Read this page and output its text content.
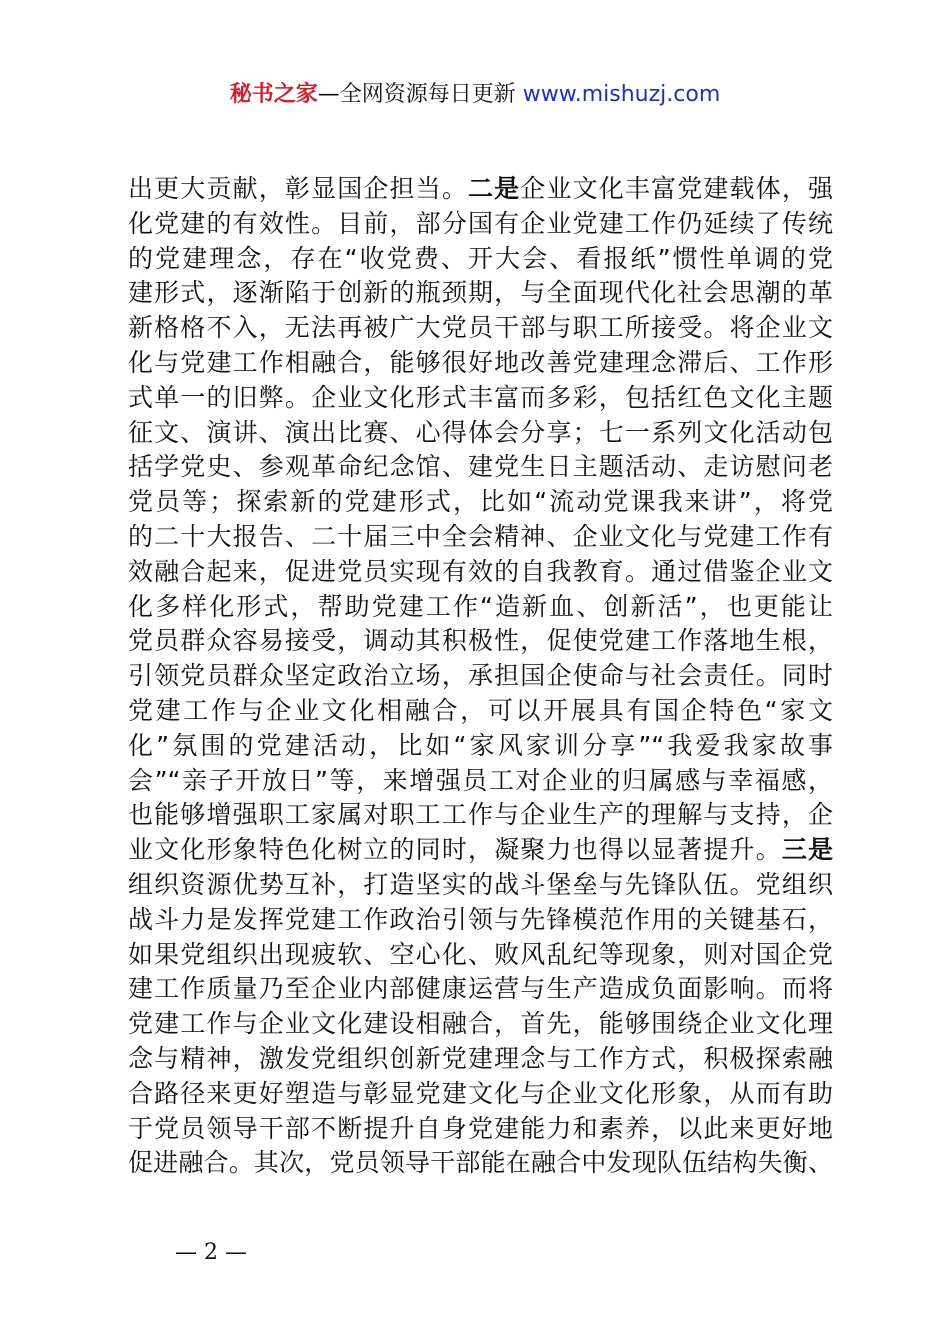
秘书之家—全网资源每日更新 www.mishuzj.com
出更大贡献，彰显国企担当。二是企业文化丰富党建载体，强
化党建的有效性。目前，部分国有企业党建工作仍延续了传统
的党建理念，存在“收党费、开大会、看报纸”惯性单调的党
建形式，逐渐陷于创新的瓶颈期，与全面现代化社会思潮的革
新格格不入，无法再被广大党员干部与职工所接受。将企业文
化与党建工作相融合，能够很好地改善党建理念滞后、工作形
式单一的旧弊。企业文化形式丰富而多彩，包括红色文化主题
征文、演讲、演出比赛、心得体会分享；七一系列文化活动包
括学党史、参观革命纪念馆、建党生日主题活动、走访慰问老
党员等；探索新的党建形式，比如“流动党课我来讲”，将党
的二十大报告、二十届三中全会精神、企业文化与党建工作有
效融合起来，促进党员实现有效的自我教育。通过借鉴企业文
化多样化形式，帮助党建工作“造新血、创新活”，也更能让
党员群众容易接受，调动其积极性，促使党建工作落地生根，
引领党员群众坚定政治立场，承担国企使命与社会责任。同时
党建工作与企业文化相融合，可以开展具有国企特色“家文
化”氛围的党建活动，比如“家风家训分享”“我爱我家故事
会”“亲子开放日”等，来增强员工对企业的归属感与幸福感，
也能够增强职工家属对职工工作与企业生产的理解与支持，企
业文化形象特色化树立的同时，凝聚力也得以显著提升。三是
组织资源优势互补，打造坚实的战斗堡垒与先锋队伍。党组织
战斗力是发挥党建工作政治引领与先锋模范作用的关键基石，
如果党组织出现疲软、空心化、败风乱纪等现象，则对国企党
建工作质量乃至企业内部健康运营与生产造成负面影响。而将
党建工作与企业文化建设相融合，首先，能够围绕企业文化理
念与精神，激发党组织创新党建理念与工作方式，积极探索融
合路径来更好塑造与彰显党建文化与企业文化形象，从而有助
于党员领导干部不断提升自身党建能力和素养，以此来更好地
促进融合。其次，党员领导干部能在融合中发现队伍结构失衡、
— 2 —
